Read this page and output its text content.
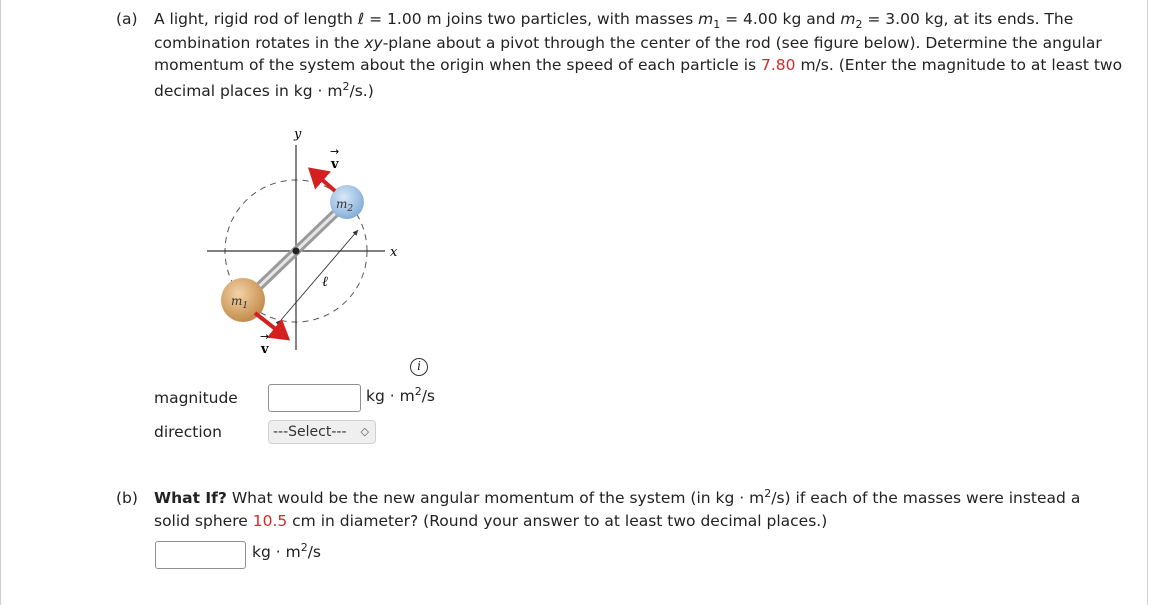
(a) A light, rigid rod of length ℓ = 1.00 m joins two particles, with masses $m_1 = 4.00$ kg and $m_2 = 3.00$ kg, at its ends. The
combination rotates in the xy-plane about a pivot through the center of the rod (see figure below). Determine the angular
momentum of the system about the origin when the speed of each particle is 7.80 m/s. (Enter the magnitude to at least two
decimal places in kg · $m^2/s$.)
y
x
$m_2$
$m_1$
v
→
v
→
ℓ
i
magnitude	kg · $m^2/s$
direction	---Select--- ◇
(b) What If? What would be the new angular momentum of the system (in kg · $m^2/s$) if each of the masses were instead a
solid sphere 10.5 cm in diameter? (Round your answer to at least two decimal places.)
kg · $m^2/s$
